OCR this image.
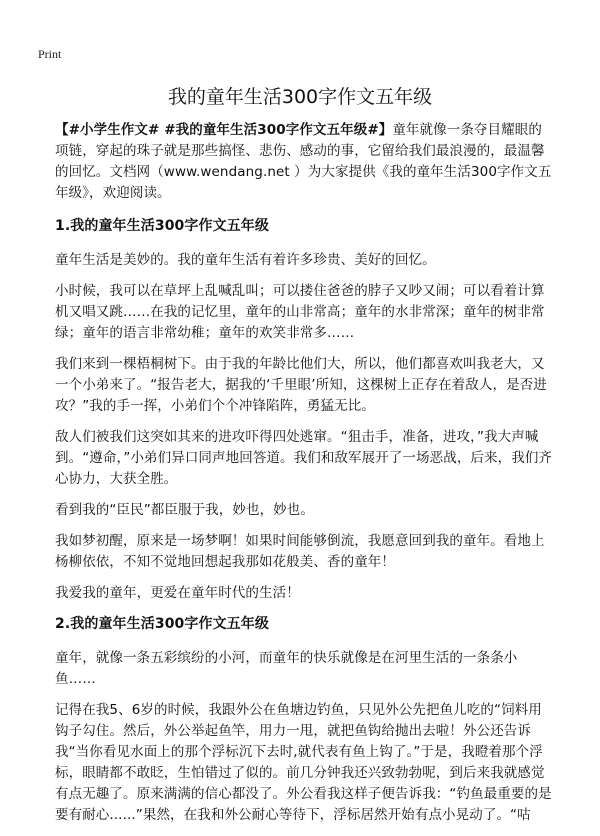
Print
我的童年生活300字作文五年级

【#小学生作文# #我的童年生活300字作文五年级#】童年就像一条夺目耀眼的项链，穿起的珠子就是那些搞怪、悲伤、感动的事，它留给我们最浪漫的，最温馨的回忆。文档网（www.wendang.net ）为大家提供《我的童年生活300字作文五年级》，欢迎阅读。

1.我的童年生活300字作文五年级

童年生活是美妙的。我的童年生活有着许多珍贵、美好的回忆。

小时候，我可以在草坪上乱喊乱叫；可以搂住爸爸的脖子又吵又闹；可以看着计算机又唱又跳……在我的记忆里，童年的山非常高；童年的水非常深；童年的树非常绿；童年的语言非常幼稚；童年的欢笑非常多……

我们来到一棵梧桐树下。由于我的年龄比他们大，所以，他们都喜欢叫我老大，又一个小弟来了。“报告老大，据我的‘千里眼’所知，这棵树上正存在着敌人，是否进攻？”我的手一挥，小弟们个个冲锋陷阵，勇猛无比。

敌人们被我们这突如其来的进攻吓得四处逃窜。“狙击手，准备，进攻，”我大声喊到。“遵命，”小弟们异口同声地回答道。我们和敌军展开了一场恶战，后来，我们齐心协力，大获全胜。

看到我的“臣民”都臣服于我，妙也，妙也。

我如梦初醒，原来是一场梦啊！如果时间能够倒流，我愿意回到我的童年。看地上杨柳依依，不知不觉地回想起我那如花般美、香的童年！

我爱我的童年，更爱在童年时代的生活！

2.我的童年生活300字作文五年级

童年，就像一条五彩缤纷的小河，而童年的快乐就像是在河里生活的一条条小鱼……

记得在我5、6岁的时候，我跟外公在鱼塘边钓鱼，只见外公先把鱼儿吃的“饲料用钩子勾住。然后，外公举起鱼竿，用力一甩，就把鱼钩给抛出去啦！外公还告诉我“当你看见水面上的那个浮标沉下去时,就代表有鱼上钩了。”于是，我瞪着那个浮标，眼睛都不敢眨，生怕错过了似的。前几分钟我还兴致勃勃呢，到后来我就感觉有点无趣了。原来满满的信心都没了。外公看我这样子便告诉我：“钓鱼最重要的是要有耐心......”果然，在我和外公耐心等待下，浮标居然开始有点小晃动了。“咕
